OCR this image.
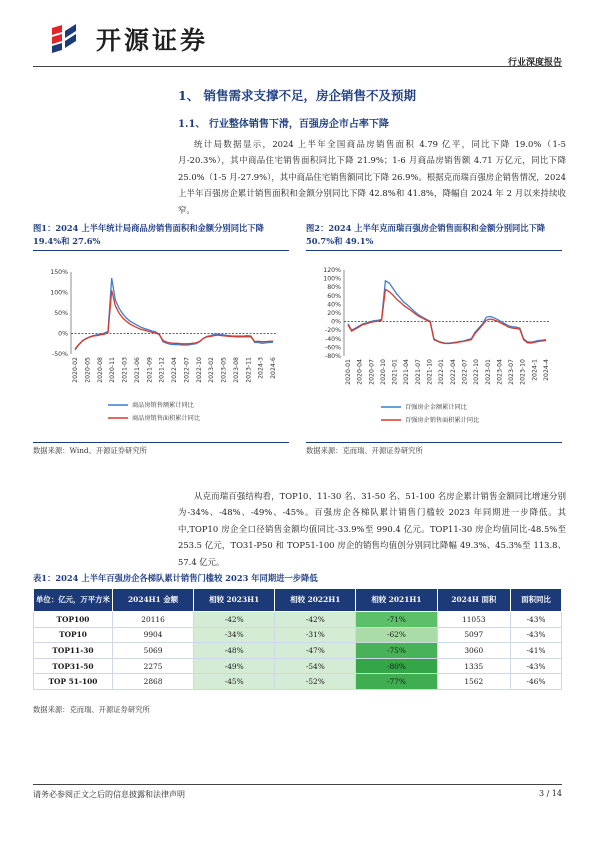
开源证券
行业深度报告
1、 销售需求支撑不足，房企销售不及预期
1.1、 行业整体销售下滑，百强房企市占率下降

统计局数据显示，2024 上半年全国商品房销售面积 4.79 亿平，同比下降 19.0%（1-5 月-20.3%），其中商品住宅销售面积同比下降 21.9%；1-6 月商品房销售额 4.71 万亿元，同比下降 25.0%（1-5 月-27.9%），其中商品住宅销售额同比下降 26.9%。根据克而瑞百强房企销售情况，2024 上半年百强房企累计销售面积和金额分别同比下降 42.8%和 41.8%，降幅自 2024 年 2 月以来持续收窄。

图1：2024 上半年统计局商品房销售面积和金额分别同比下降 19.4%和 27.6%
150%
100%
50%
0%
-50%
2020-02 2020-05 2020-08 2020-11 2021-03 2021-06 2021-09 2021-12 2022-04 2022-07 2022-10 2023-02 2023-05 2023-08 2023-11 2024-3 2024-6
商品房销售额累计同比
商品房销售面积累计同比
数据来源：Wind、开源证券研究所
图2：2024 上半年克而瑞百强房企销售面积和金额分别同比下降 50.7%和 49.1%
120%
100%
80%
60%
40%
20%
0%
-20%
-40%
-60%
-80%
2020-01 2020-04 2020-07 2020-10 2021-01 2021-04 2021-07 2021-10 2022-01 2022-04 2022-07 2022-10 2023-01 2023-04 2023-07 2023-10 2024-1 2024-4
百强房企金额累计同比
百强房企销售面积累计同比
数据来源：克而瑞、开源证券研究所

从克而瑞百强结构看，TOP10、11-30 名、31-50 名、51-100 名房企累计销售金额同比增速分别为-34%、-48%、-49%、-45%。百强房企各梯队累计销售门槛较 2023 年同期进一步降低。其中,TOP10 房企全口径销售金额均值同比-33.9%至 990.4 亿元。TOP11-30 房企均值同比-48.5%至 253.5 亿元，TO31-P50 和 TOP51-100 房企的销售均值创分别同比降幅 49.3%、45.3%至 113.8、57.4 亿元。

表1：2024 上半年百强房企各梯队累计销售门槛较 2023 年同期进一步降低
单位：亿元，万平方米	2024H1 金额	相较 2023H1	相较 2022H1	相较 2021H1	2024H 面积	面积同比
TOP100	20116	-42%	-42%	-71%	11053	-43%
TOP10	9904	-34%	-31%	-62%	5097	-43%
TOP11-30	5069	-48%	-47%	-75%	3060	-41%
TOP31-50	2275	-49%	-54%	-80%	1335	-43%
TOP 51-100	2868	-45%	-52%	-77%	1562	-46%
数据来源：克而瑞、开源证券研究所
请务必参阅正文之后的信息披露和法律声明	3 / 14
